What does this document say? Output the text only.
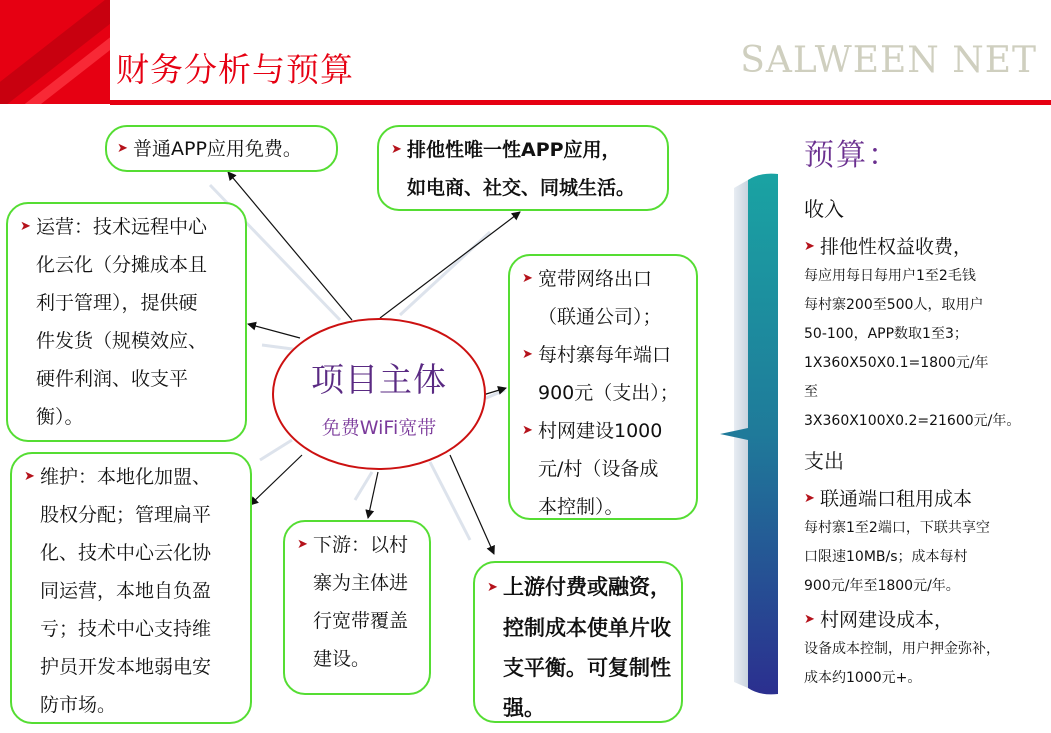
财务分析与预算	SALWEEN NET
➤ 普通APP应用免费。	➤ 排他性唯一性APP应用，
如电商、社交、同城生活。
➤ 运营：技术远程中心
化云化（分摊成本且
利于管理），提供硬
件发货（规模效应、
硬件利润、收支平
衡）。
➤ 宽带网络出口
（联通公司）；
➤ 每村寨每年端口
900元（支出）；
➤ 村网建设1000
元/村（设备成
本控制）。
➤ 维护：本地化加盟、
股权分配；管理扁平
化、技术中心云化协
同运营，本地自负盈
亏；技术中心支持维
护员开发本地弱电安
防市场。
➤ 下游：以村
寨为主体进
行宽带覆盖
建设。
➤ 上游付费或融资，
控制成本使单片收
支平衡。可复制性
强。
项目主体
免费WiFi宽带
预算：
收入
➤ 排他性权益收费，
每应用每日每用户1至2毛钱
每村寨200至500人，取用户
50-100，APP数取1至3；
1X360X50X0.1=1800元/年
至
3X360X100X0.2=21600元/年。
支出
➤ 联通端口租用成本
每村寨1至2端口，下联共享空
口限速10MB/s；成本每村
900元/年至1800元/年。
➤ 村网建设成本，
设备成本控制，用户押金弥补，
成本约1000元+。
